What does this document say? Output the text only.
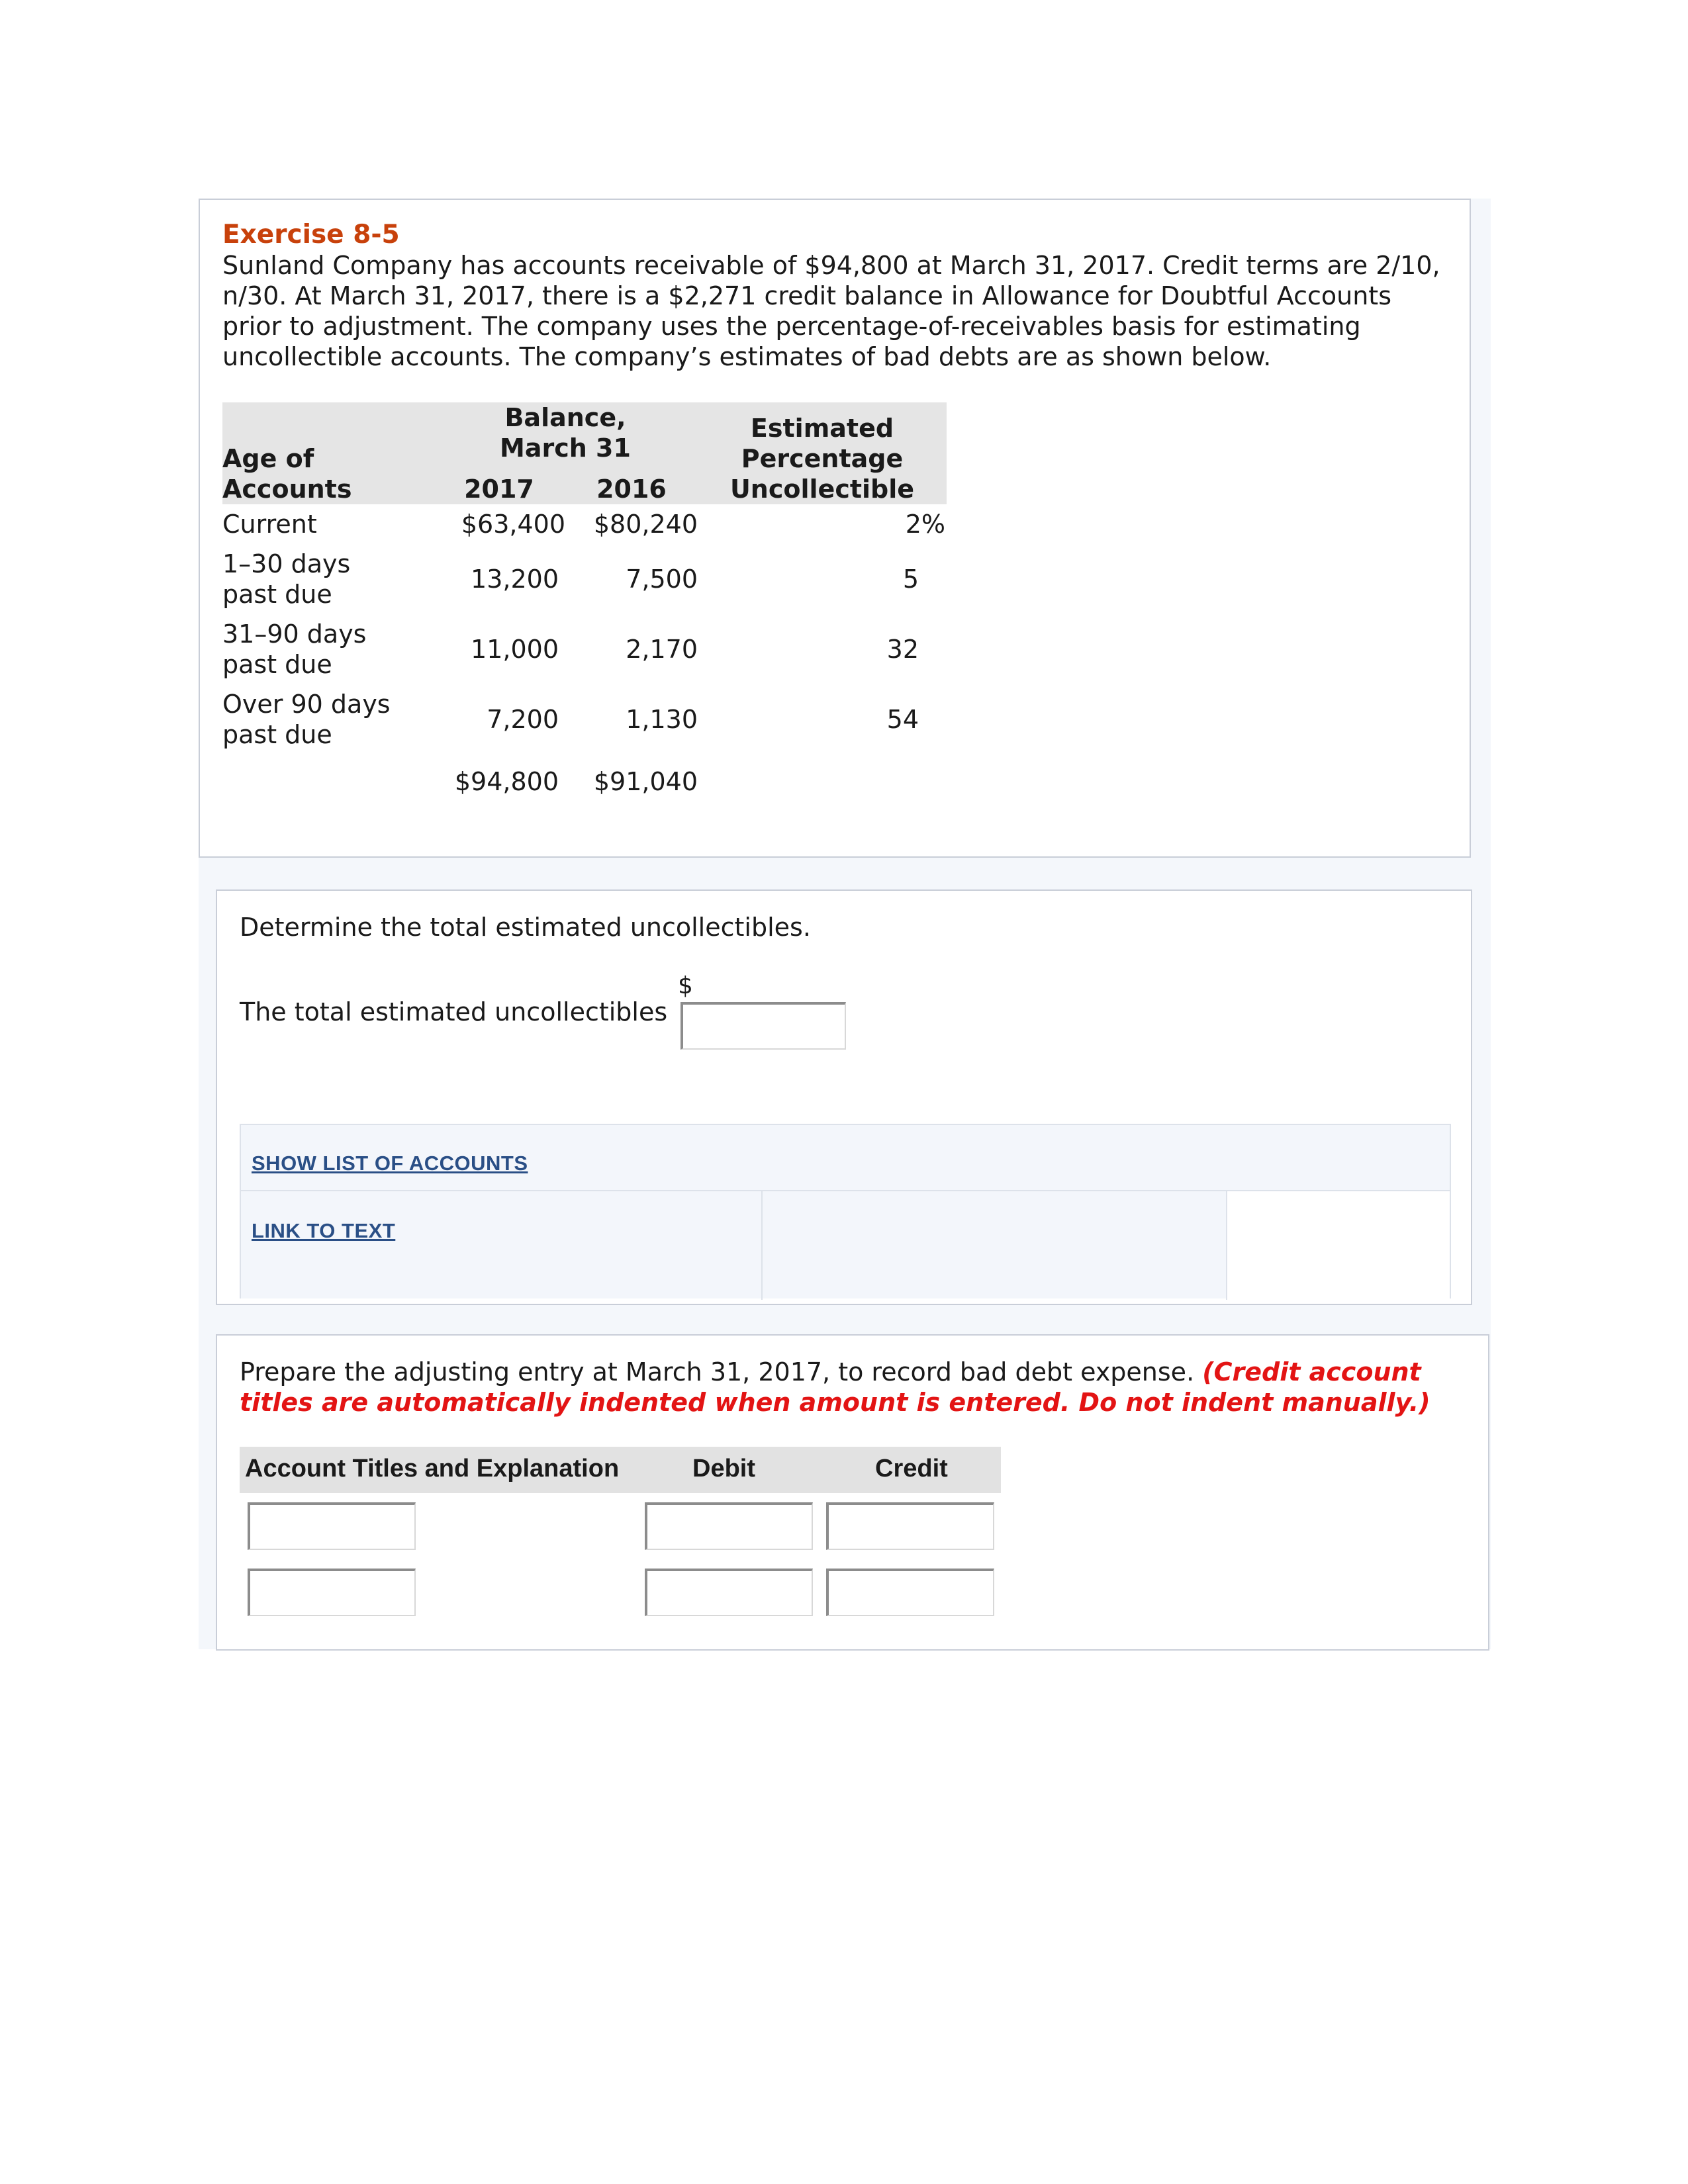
Exercise 8-5
Sunland Company has accounts receivable of $94,800 at March 31, 2017. Credit terms are 2/10, n/30. At March 31, 2017, there is a $2,271 credit balance in Allowance for Doubtful Accounts prior to adjustment. The company uses the percentage-of-receivables basis for estimating uncollectible accounts. The company’s estimates of bad debts are as shown below.
Age of Accounts	Balance, March 31		Estimated Percentage Uncollectible

	2017	2016	
Current	$63,400	$80,240	2%

1–30 days past due	13,200	7,500	5

31–90 days past due	11,000	2,170	32

Over 90 days past due	7,200	1,130	54
	$94,800	$91,040	
Determine the total estimated uncollectibles.
The total estimated uncollectibles
$
SHOW LIST OF ACCOUNTS
LINK TO TEXT
Prepare the adjusting entry at March 31, 2017, to record bad debt expense. (Credit account titles are automatically indented when amount is entered. Do not indent manually.)
Account Titles and Explanation	Debit	Credit
